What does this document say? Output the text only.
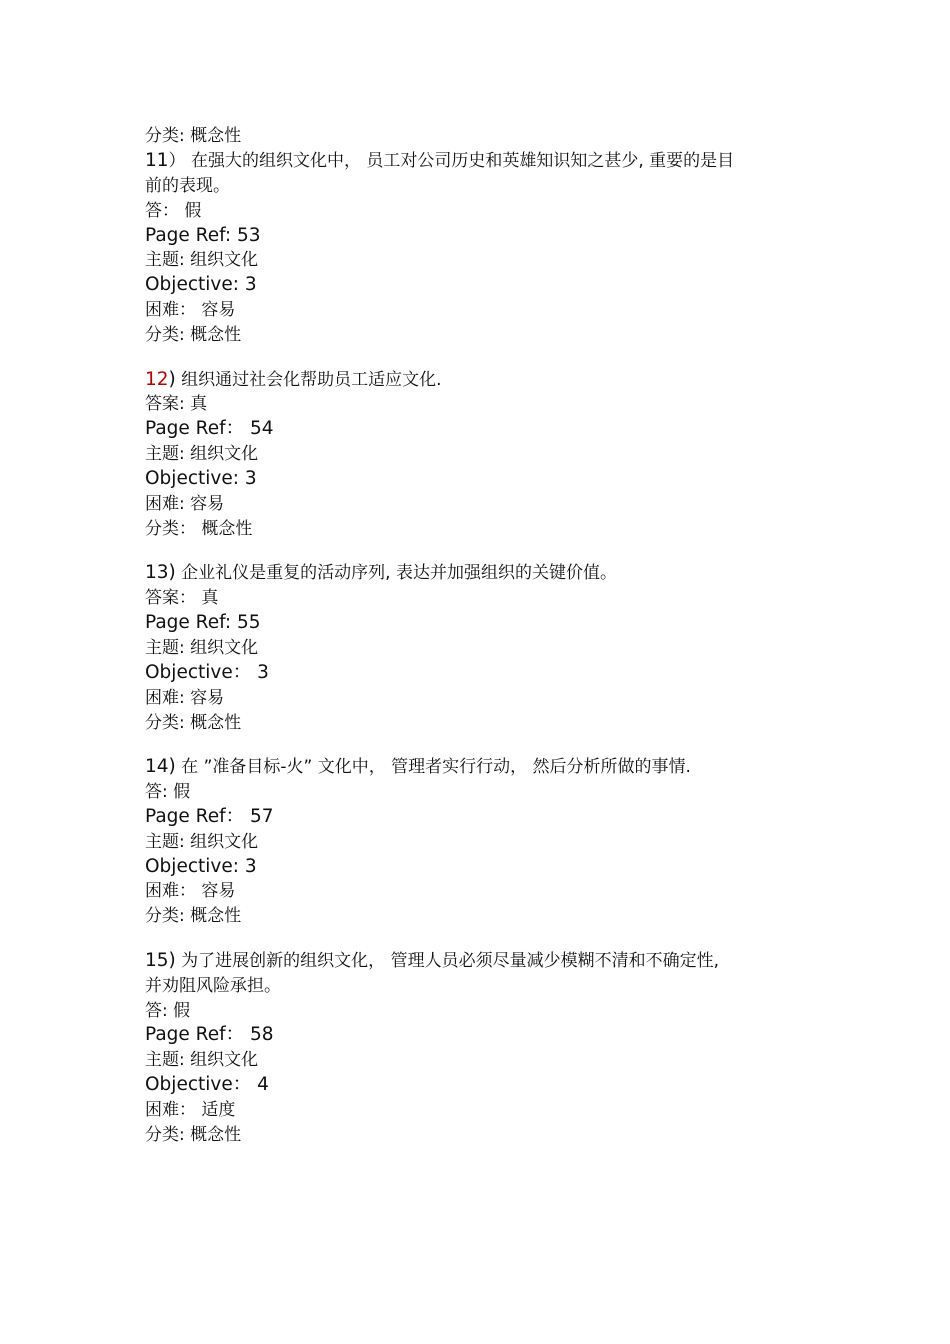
分类: 概念性
11） 在强大的组织文化中， 员工对公司历史和英雄知识知之甚少, 重要的是目
前的表现。
答： 假
Page Ref: 53
主题: 组织文化
Objective: 3
困难： 容易
分类: 概念性
12) 组织通过社会化帮助员工适应文化.
答案: 真
Page Ref： 54
主题: 组织文化
Objective: 3
困难: 容易
分类： 概念性
13) 企业礼仪是重复的活动序列, 表达并加强组织的关键价值。
答案： 真
Page Ref: 55
主题: 组织文化
Objective： 3
困难: 容易
分类: 概念性
14) 在 ”准备目标-火” 文化中， 管理者实行行动， 然后分析所做的事情.
答: 假
Page Ref： 57
主题: 组织文化
Objective: 3
困难： 容易
分类: 概念性
15) 为了进展创新的组织文化， 管理人员必须尽量减少模糊不清和不确定性,
并劝阻风险承担。
答: 假
Page Ref： 58
主题: 组织文化
Objective： 4
困难： 适度
分类: 概念性
